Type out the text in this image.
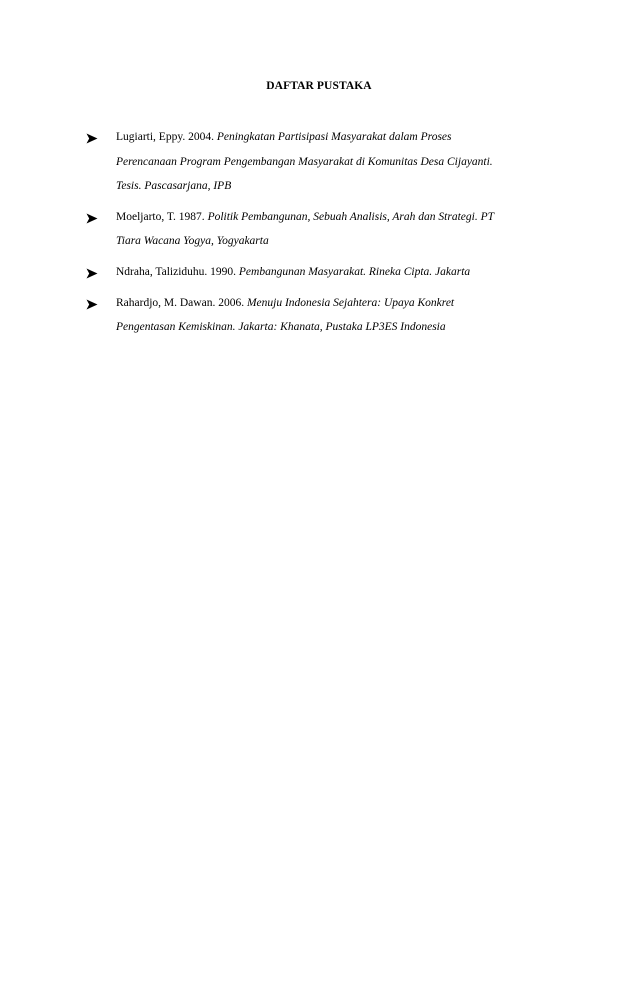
DAFTAR PUSTAKA
Lugiarti, Eppy. 2004. Peningkatan Partisipasi Masyarakat dalam Proses
Perencanaan Program Pengembangan Masyarakat di Komunitas Desa Cijayanti.
Tesis. Pascasarjana, IPB
Moeljarto, T. 1987. Politik Pembangunan, Sebuah Analisis, Arah dan Strategi. PT
Tiara Wacana Yogya, Yogyakarta
Ndraha, Taliziduhu. 1990. Pembangunan Masyarakat. Rineka Cipta. Jakarta
Rahardjo, M. Dawan. 2006. Menuju Indonesia Sejahtera: Upaya Konkret
Pengentasan Kemiskinan. Jakarta: Khanata, Pustaka LP3ES Indonesia
